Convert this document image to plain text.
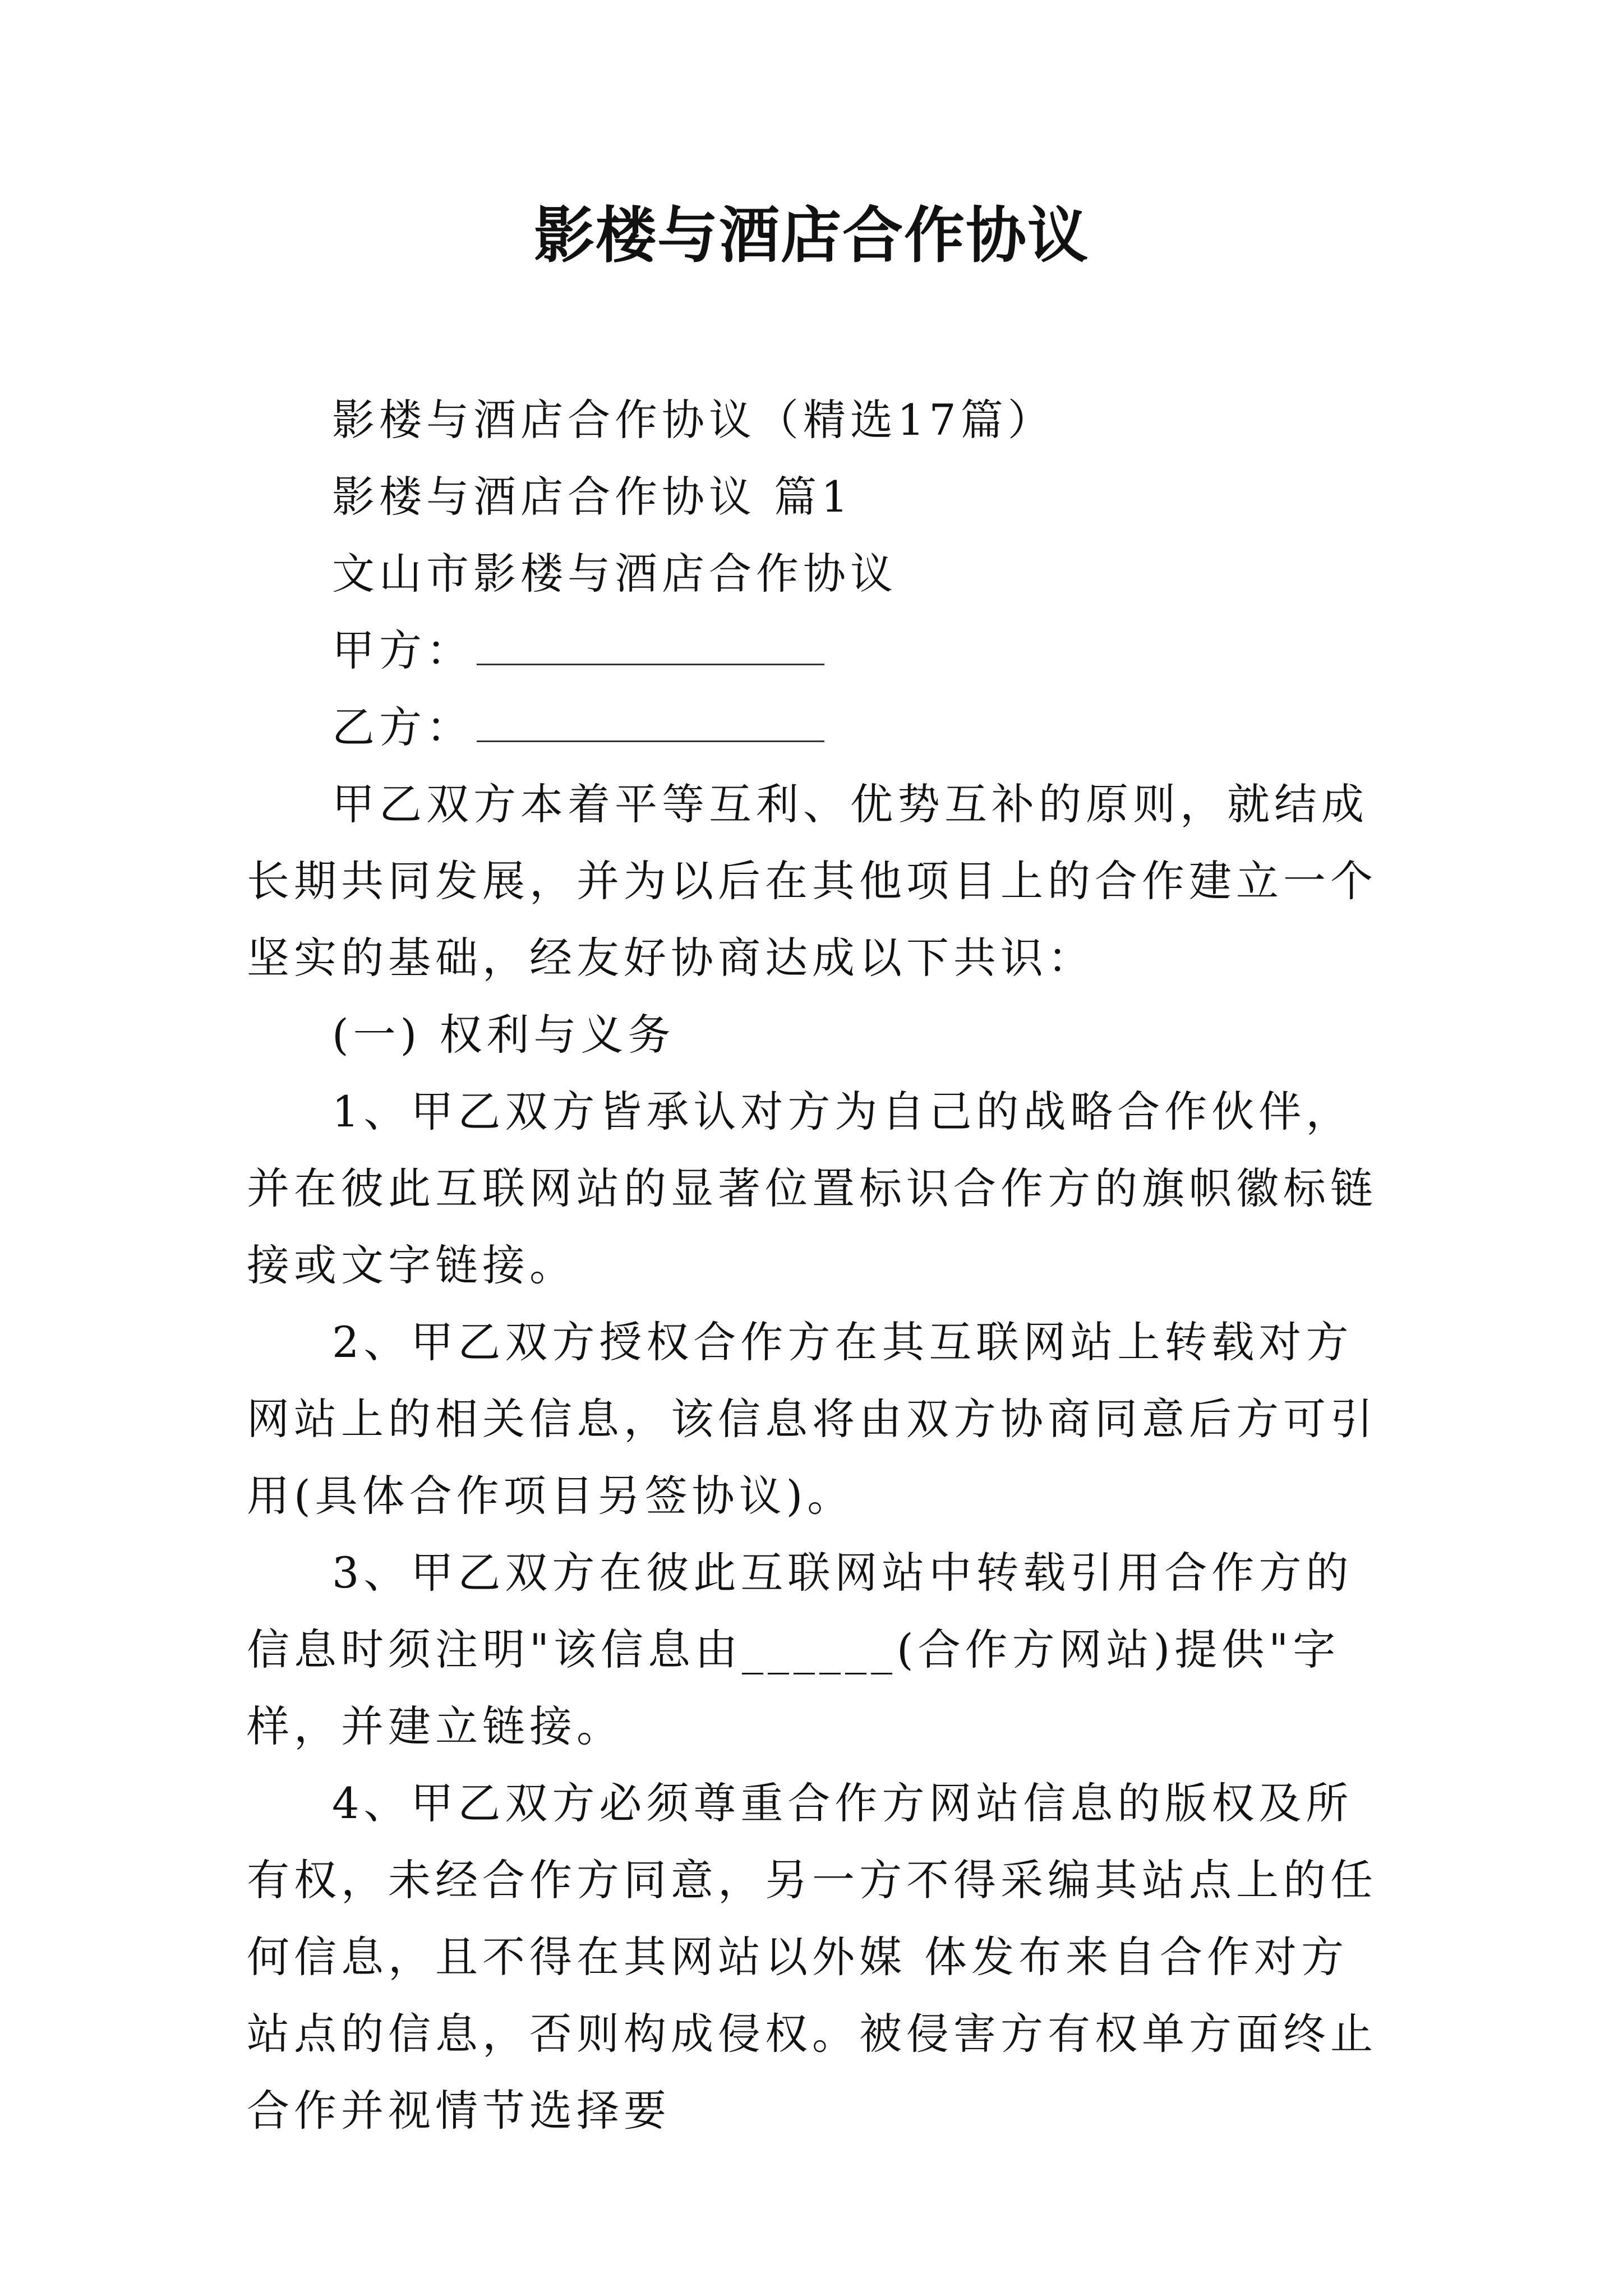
影楼与酒店合作协议

影楼与酒店合作协议（精选17篇）

影楼与酒店合作协议 篇1

文山市影楼与酒店合作协议

甲方：

乙方：

甲乙双方本着平等互利、优势互补的原则，就结成长期共同发展，并为以后在其他项目上的合作建立一个坚实的基础，经友好协商达成以下共识：

(一) 权利与义务

1、甲乙双方皆承认对方为自己的战略合作伙伴，并在彼此互联网站的显著位置标识合作方的旗帜徽标链接或文字链接。

2、甲乙双方授权合作方在其互联网站上转载对方网站上的相关信息，该信息将由双方协商同意后方可引用(具体合作项目另签协议)。

3、甲乙双方在彼此互联网站中转载引用合作方的信息时须注明"该信息由______(合作方网站)提供"字样，并建立链接。

4、甲乙双方必须尊重合作方网站信息的版权及所有权，未经合作方同意，另一方不得采编其站点上的任何信息，且不得在其网站以外媒 体发布来自合作对方站点的信息，否则构成侵权。被侵害方有权单方面终止合作并视情节选择要
